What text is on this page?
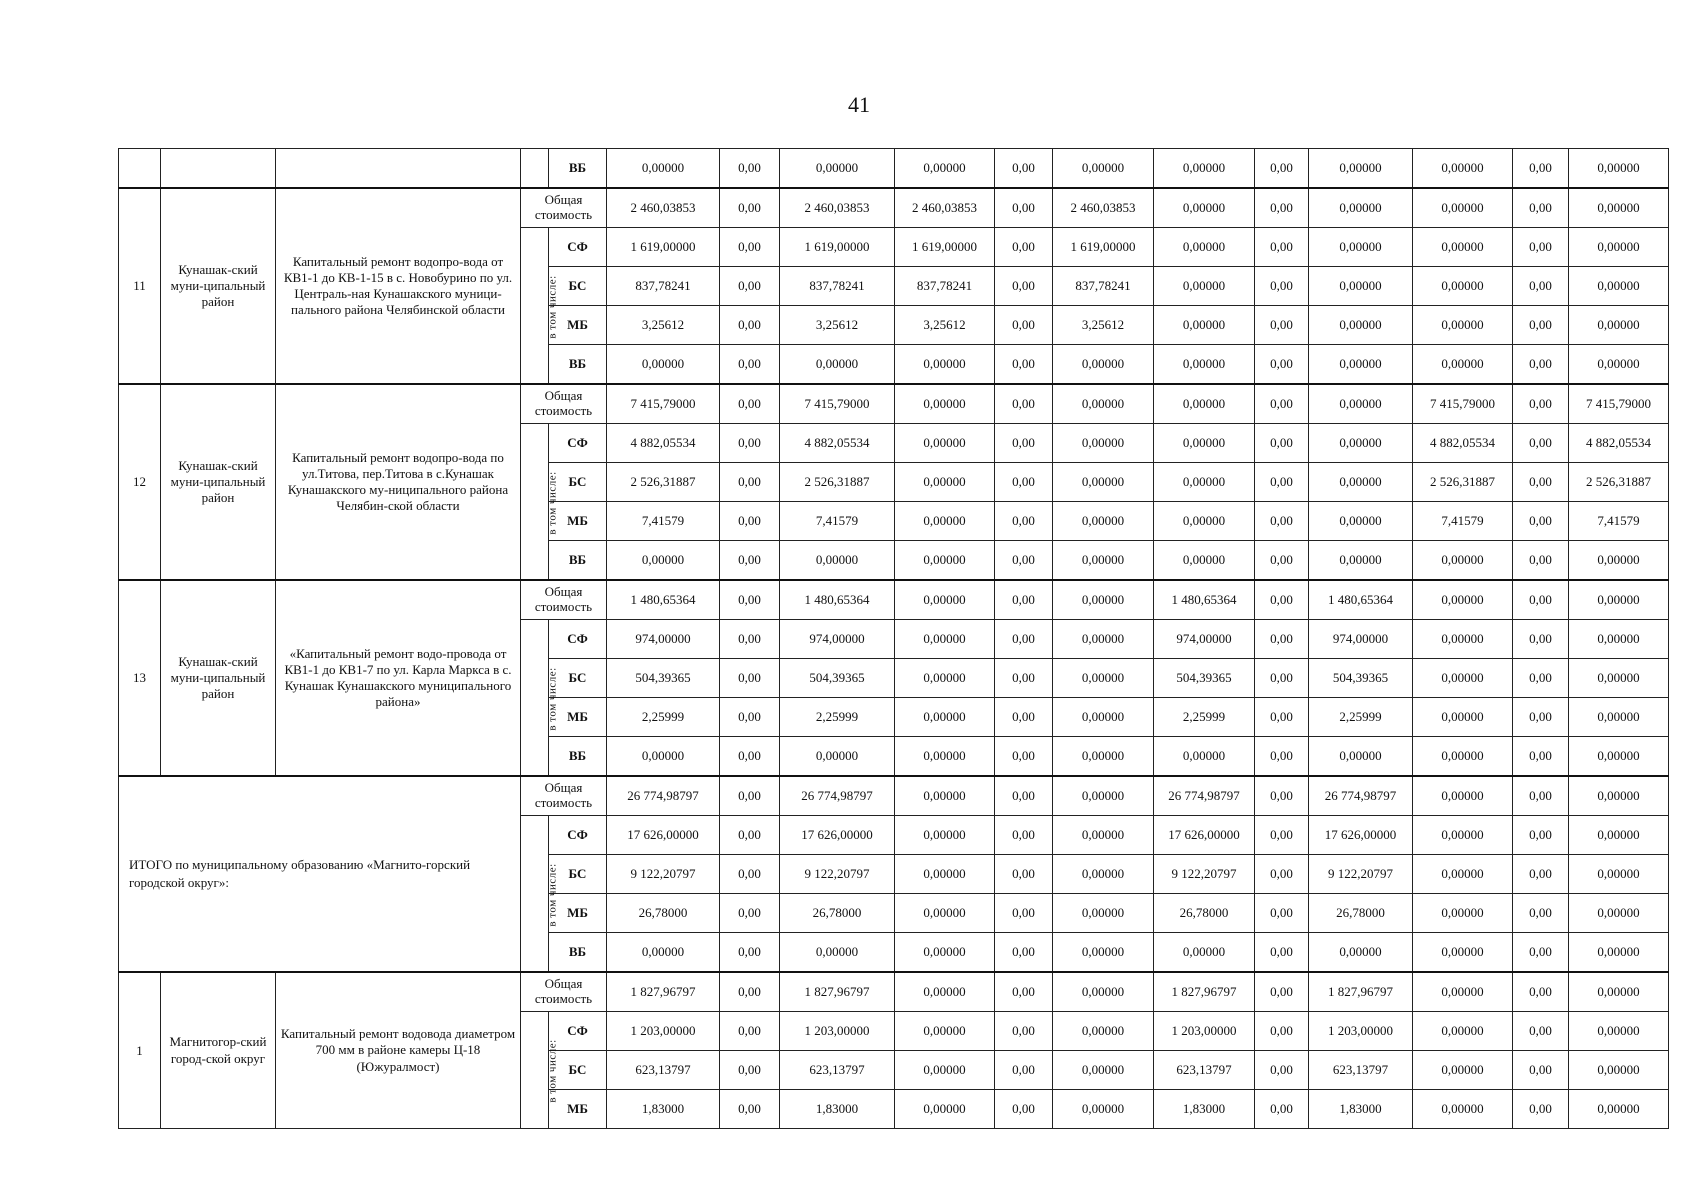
41
				ВБ	0,00000	0,00	0,00000	0,00000	0,00	0,00000	0,00000	0,00	0,00000	0,00000	0,00	0,00000
11	Кунашак-ский муни-ципальный район	Капитальный ремонт водопро-вода от КВ1-1 до КВ-1-15 в с. Новобурино по ул. Централь-ная Кунашакского муници-пального района Челябинской области	Общая стоимость		2 460,03853	0,00	2 460,03853	2 460,03853	0,00	2 460,03853	0,00000	0,00	0,00000	0,00000	0,00	0,00000
			в том числе:	СФ	1 619,00000	0,00	1 619,00000	1 619,00000	0,00	1 619,00000	0,00000	0,00	0,00000	0,00000	0,00	0,00000
				БС	837,78241	0,00	837,78241	837,78241	0,00	837,78241	0,00000	0,00	0,00000	0,00000	0,00	0,00000
				МБ	3,25612	0,00	3,25612	3,25612	0,00	3,25612	0,00000	0,00	0,00000	0,00000	0,00	0,00000
				ВБ	0,00000	0,00	0,00000	0,00000	0,00	0,00000	0,00000	0,00	0,00000	0,00000	0,00	0,00000
12	Кунашак-ский муни-ципальный район	Капитальный ремонт водопро-вода по ул.Титова, пер.Титова в с.Кунашак Кунашакского му-ниципального района Челябин-ской области	Общая стоимость		7 415,79000	0,00	7 415,79000	0,00000	0,00	0,00000	0,00000	0,00	0,00000	7 415,79000	0,00	7 415,79000
			в том числе:	СФ	4 882,05534	0,00	4 882,05534	0,00000	0,00	0,00000	0,00000	0,00	0,00000	4 882,05534	0,00	4 882,05534
				БС	2 526,31887	0,00	2 526,31887	0,00000	0,00	0,00000	0,00000	0,00	0,00000	2 526,31887	0,00	2 526,31887
				МБ	7,41579	0,00	7,41579	0,00000	0,00	0,00000	0,00000	0,00	0,00000	7,41579	0,00	7,41579
				ВБ	0,00000	0,00	0,00000	0,00000	0,00	0,00000	0,00000	0,00	0,00000	0,00000	0,00	0,00000
13	Кунашак-ский муни-ципальный район	«Капитальный ремонт водо-провода от КВ1-1 до КВ1-7 по ул. Карла Маркса в с. Кунашак Кунашакского муниципального района»	Общая стоимость		1 480,65364	0,00	1 480,65364	0,00000	0,00	0,00000	1 480,65364	0,00	1 480,65364	0,00000	0,00	0,00000
			в том числе:	СФ	974,00000	0,00	974,00000	0,00000	0,00	0,00000	974,00000	0,00	974,00000	0,00000	0,00	0,00000
				БС	504,39365	0,00	504,39365	0,00000	0,00	0,00000	504,39365	0,00	504,39365	0,00000	0,00	0,00000
				МБ	2,25999	0,00	2,25999	0,00000	0,00	0,00000	2,25999	0,00	2,25999	0,00000	0,00	0,00000
				ВБ	0,00000	0,00	0,00000	0,00000	0,00	0,00000	0,00000	0,00	0,00000	0,00000	0,00	0,00000
ИТОГО по муниципальному образованию «Магнито-горский городской округ»:			Общая стоимость		26 774,98797	0,00	26 774,98797	0,00000	0,00	0,00000	26 774,98797	0,00	26 774,98797	0,00000	0,00	0,00000
			в том числе:	СФ	17 626,00000	0,00	17 626,00000	0,00000	0,00	0,00000	17 626,00000	0,00	17 626,00000	0,00000	0,00	0,00000
				БС	9 122,20797	0,00	9 122,20797	0,00000	0,00	0,00000	9 122,20797	0,00	9 122,20797	0,00000	0,00	0,00000
				МБ	26,78000	0,00	26,78000	0,00000	0,00	0,00000	26,78000	0,00	26,78000	0,00000	0,00	0,00000
				ВБ	0,00000	0,00	0,00000	0,00000	0,00	0,00000	0,00000	0,00	0,00000	0,00000	0,00	0,00000
1	Магнитогор-ский город-ской округ	Капитальный ремонт водовода диаметром 700 мм в районе камеры Ц-18 (Южуралмост)	Общая стоимость		1 827,96797	0,00	1 827,96797	0,00000	0,00	0,00000	1 827,96797	0,00	1 827,96797	0,00000	0,00	0,00000
			в том числе:	СФ	1 203,00000	0,00	1 203,00000	0,00000	0,00	0,00000	1 203,00000	0,00	1 203,00000	0,00000	0,00	0,00000
				БС	623,13797	0,00	623,13797	0,00000	0,00	0,00000	623,13797	0,00	623,13797	0,00000	0,00	0,00000
				МБ	1,83000	0,00	1,83000	0,00000	0,00	0,00000	1,83000	0,00	1,83000	0,00000	0,00	0,00000
